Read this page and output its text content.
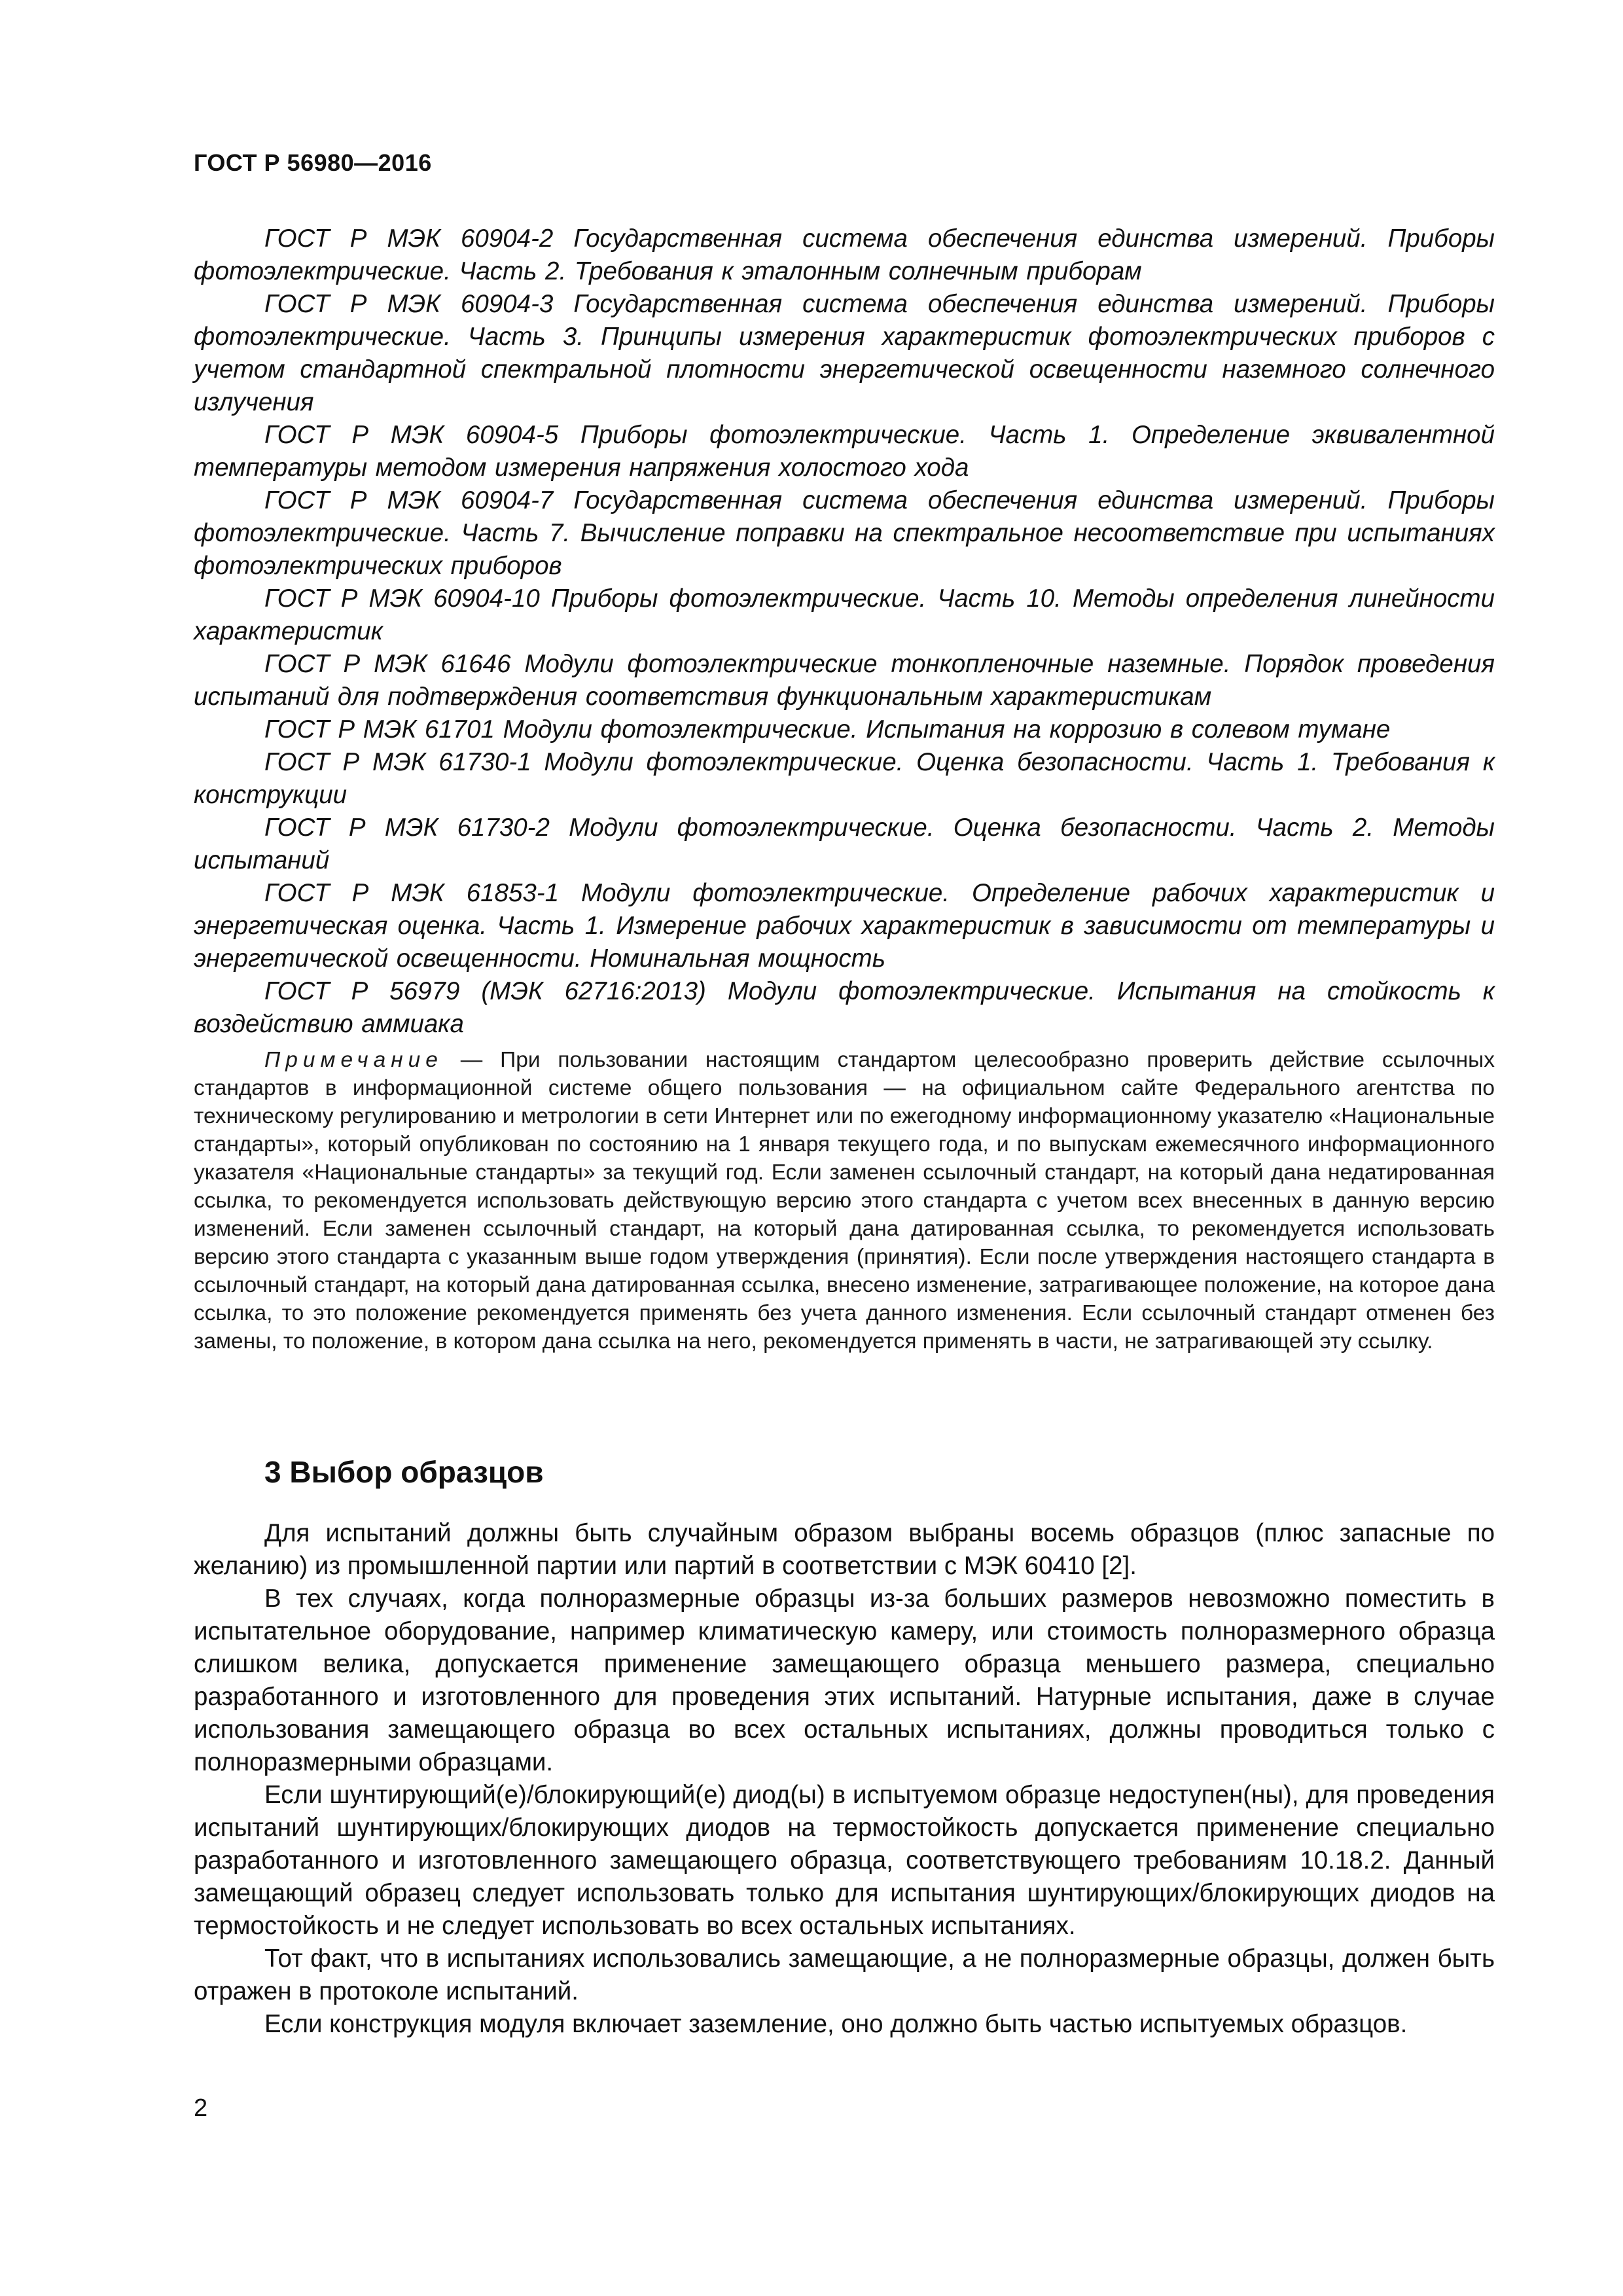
ГОСТ Р 56980—2016

ГОСТ Р МЭК 60904-2 Государственная система обеспечения единства измерений. Приборы фотоэлектрические. Часть 2. Требования к эталонным солнечным приборам

ГОСТ Р МЭК 60904-3 Государственная система обеспечения единства измерений. Приборы фотоэлектрические. Часть 3. Принципы измерения характеристик фотоэлектрических приборов с учетом стандартной спектральной плотности энергетической освещенности наземного солнечного излучения

ГОСТ Р МЭК 60904-5 Приборы фотоэлектрические. Часть 1. Определение эквивалентной температуры методом измерения напряжения холостого хода

ГОСТ Р МЭК 60904-7 Государственная система обеспечения единства измерений. Приборы фотоэлектрические. Часть 7. Вычисление поправки на спектральное несоответствие при испытаниях фотоэлектрических приборов

ГОСТ Р МЭК 60904-10 Приборы фотоэлектрические. Часть 10. Методы определения линейности характеристик

ГОСТ Р МЭК 61646 Модули фотоэлектрические тонкопленочные наземные. Порядок проведения испытаний для подтверждения соответствия функциональным характеристикам

ГОСТ Р МЭК 61701 Модули фотоэлектрические. Испытания на коррозию в солевом тумане

ГОСТ Р МЭК 61730-1 Модули фотоэлектрические. Оценка безопасности. Часть 1. Требования к конструкции

ГОСТ Р МЭК 61730-2 Модули фотоэлектрические. Оценка безопасности. Часть 2. Методы испытаний

ГОСТ Р МЭК 61853-1 Модули фотоэлектрические. Определение рабочих характеристик и энергетическая оценка. Часть 1. Измерение рабочих характеристик в зависимости от температуры и энергетической освещенности. Номинальная мощность

ГОСТ Р 56979 (МЭК 62716:2013) Модули фотоэлектрические. Испытания на стойкость к воздействию аммиака

Примечание — При пользовании настоящим стандартом целесообразно проверить действие ссылочных стандартов в информационной системе общего пользования — на официальном сайте Федерального агентства по техническому регулированию и метрологии в сети Интернет или по ежегодному информационному указателю «Национальные стандарты», который опубликован по состоянию на 1 января текущего года, и по выпускам ежемесячного информационного указателя «Национальные стандарты» за текущий год. Если заменен ссылочный стандарт, на который дана недатированная ссылка, то рекомендуется использовать действующую версию этого стандарта с учетом всех внесенных в данную версию изменений. Если заменен ссылочный стандарт, на который дана датированная ссылка, то рекомендуется использовать версию этого стандарта с указанным выше годом утверждения (принятия). Если после утверждения настоящего стандарта в ссылочный стандарт, на который дана датированная ссылка, внесено изменение, затрагивающее положение, на которое дана ссылка, то это положение рекомендуется применять без учета данного изменения. Если ссылочный стандарт отменен без замены, то положение, в котором дана ссылка на него, рекомендуется применять в части, не затрагивающей эту ссылку.

3 Выбор образцов

Для испытаний должны быть случайным образом выбраны восемь образцов (плюс запасные по желанию) из промышленной партии или партий в соответствии с МЭК 60410 [2].

В тех случаях, когда полноразмерные образцы из-за больших размеров невозможно поместить в испытательное оборудование, например климатическую камеру, или стоимость полноразмерного образца слишком велика, допускается применение замещающего образца меньшего размера, специально разработанного и изготовленного для проведения этих испытаний. Натурные испытания, даже в случае использования замещающего образца во всех остальных испытаниях, должны проводиться только с полноразмерными образцами.

Если шунтирующий(е)/блокирующий(е) диод(ы) в испытуемом образце недоступен(ны), для проведения испытаний шунтирующих/блокирующих диодов на термостойкость допускается применение специально разработанного и изготовленного замещающего образца, соответствующего требованиям 10.18.2. Данный замещающий образец следует использовать только для испытания шунтирующих/блокирующих диодов на термостойкость и не следует использовать во всех остальных испытаниях.

Тот факт, что в испытаниях использовались замещающие, а не полноразмерные образцы, должен быть отражен в протоколе испытаний.

Если конструкция модуля включает заземление, оно должно быть частью испытуемых образцов.

2
